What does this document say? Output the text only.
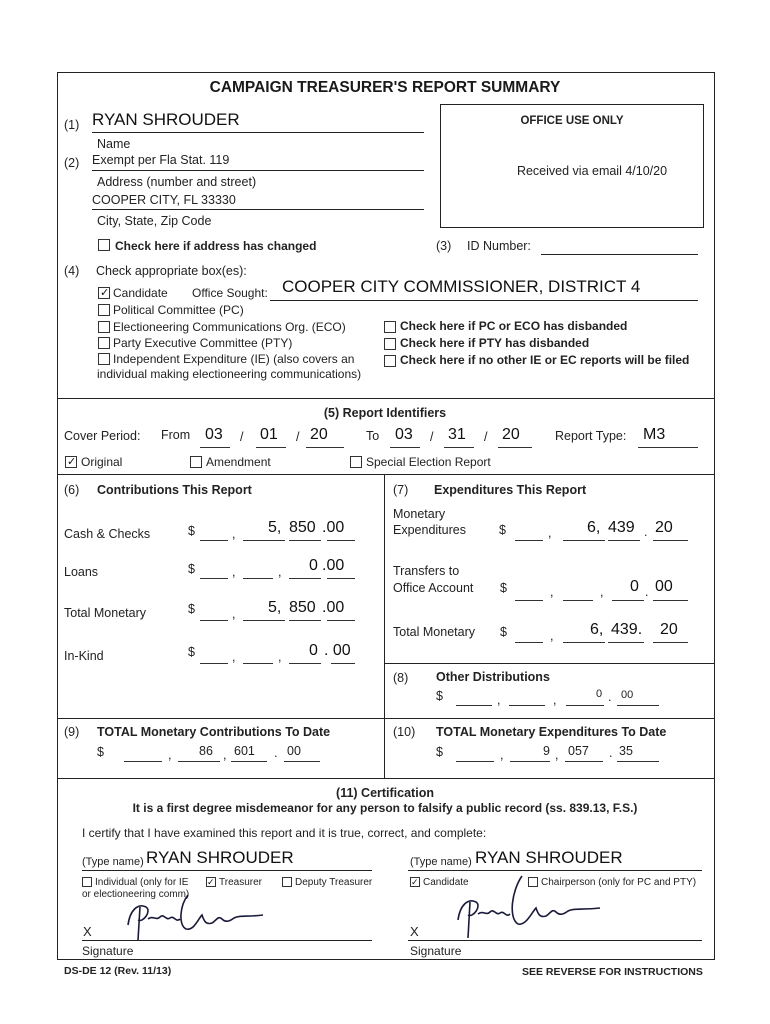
CAMPAIGN TREASURER'S REPORT SUMMARY
(1) RYAN SHROUDER
Name
(2) Exempt per Fla Stat. 119
Address (number and street)
COOPER CITY, FL 33330
City, State, Zip Code
Check here if address has changed
OFFICE USE ONLY
Received via email 4/10/20
(3) ID Number:
(4) Check appropriate box(es):
✓ Candidate Office Sought: COOPER CITY COMMISSIONER, DISTRICT 4
Political Committee (PC)
Electioneering Communications Org. (ECO)
Party Executive Committee (PTY)
Independent Expenditure (IE) (also covers an
individual making electioneering communications)
Check here if PC or ECO has disbanded
Check here if PTY has disbanded
Check here if no other IE or EC reports will be filed
(5) Report Identifiers
Cover Period: From 03 / 01 / 20	To 03 / 31 / 20	Report Type: M3
✓ Original	Amendment	Special Election Report
(6) Contributions This Report
Cash & Checks	$	, 5, 850 .00
Loans	$	,	, 0 .00
Total Monetary	$	, 5, 850 .00
In-Kind	$	,	, 0 . 00
(7) Expenditures This Report
Monetary
Expenditures	$	, 6, 439 . 20
Transfers to
Office Account $	,	, 0 . 00
Total Monetary $	, 6, 439. 20
(8) Other Distributions
$	,	,	0 . 00
(9) TOTAL Monetary Contributions To Date
$	, 86 , 601 . 00
(10) TOTAL Monetary Expenditures To Date
$	,	9 , 057 . 35
(11) Certification
It is a first degree misdemeanor for any person to falsify a public record (ss. 839.13, F.S.)
I certify that I have examined this report and it is true, correct, and complete:
(Type name) RYAN SHROUDER
Individual (only for IE
or electioneering comm)
✓ Treasurer	Deputy Treasurer
X
Signature
(Type name) RYAN SHROUDER
✓ Candidate	Chairperson (only for PC and PTY)
X
Signature
DS-DE 12 (Rev. 11/13)	SEE REVERSE FOR INSTRUCTIONS
